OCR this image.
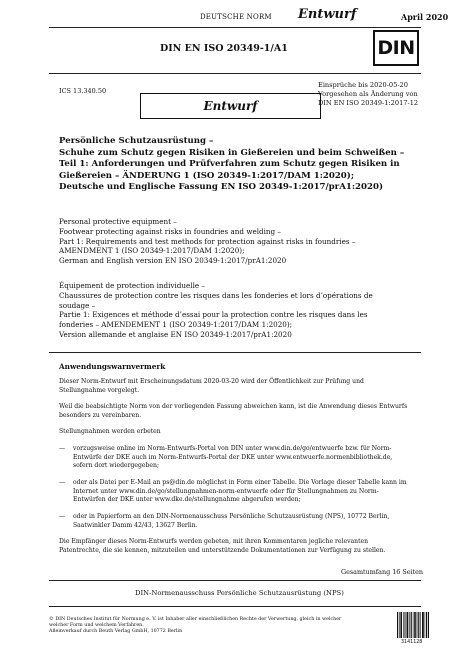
DEUTSCHE NORM Entwurf	April 2020
DIN EN ISO 20349-1/A1	DIN
ICS 13.340.50
Einsprüche bis 2020-05-20
Vorgesehen als Änderung von
DIN EN ISO 20349-1:2017-12
Entwurf
Persönliche Schutzausrüstung –
Schuhe zum Schutz gegen Risiken in Gießereien und beim Schweißen –
Teil 1: Anforderungen und Prüfverfahren zum Schutz gegen Risiken in
Gießereien – ÄNDERUNG 1 (ISO 20349-1:2017/DAM 1:2020);
Deutsche und Englische Fassung EN ISO 20349-1:2017/prA1:2020)
Personal protective equipment –
Footwear protecting against risks in foundries and welding –
Part 1: Requirements and test methods for protection against risks in foundries –
AMENDMENT 1 (ISO 20349-1:2017/DAM 1:2020);
German and English version EN ISO 20349-1:2017/prA1:2020
Équipement de protection individuelle –
Chaussures de protection contre les risques dans les fonderies et lors d’opérations de
soudage –
Partie 1: Exigences et méthode d’essai pour la protection contre les risques dans les
fonderies – AMENDEMENT 1 (ISO 20349-1:2017/DAM 1:2020);
Version allemande et anglaise EN ISO 20349-1:2017/prA1:2020
Anwendungswarnvermerk
Dieser Norm-Entwurf mit Erscheinungsdatum 2020-03-20 wird der Öffentlichkeit zur Prüfung und
Stellungnahme vorgelegt.
Weil die beabsichtigte Norm von der vorliegenden Fassung abweichen kann, ist die Anwendung dieses Entwurfs
besonders zu vereinbaren.
Stellungnahmen werden erbeten
—	vorzugsweise online im Norm-Entwurfs-Portal von DIN unter www.din.de/go/entwuerfe bzw. für Norm-
Entwürfe der DKE auch im Norm-Entwurfs-Portal der DKE unter www.entwuerfe.normenbibliothek.de,
sofern dort wiedergegeben;
—	oder als Datei per E-Mail an ps@din.de möglichst in Form einer Tabelle. Die Vorlage dieser Tabelle kann im
Internet unter www.din.de/go/stellungnahmen-norm-entwuerfe oder für Stellungnahmen zu Norm-
Entwürfen der DKE unter www.dke.de/stellungnahme abgerufen werden;
—	oder in Papierform an den DIN-Normenausschuss Persönliche Schutzausrüstung (NPS), 10772 Berlin,
Saatwinkler Damm 42/43, 13627 Berlin.
Die Empfänger dieses Norm-Entwurfs werden gebeten, mit ihren Kommentaren jegliche relevanten
Patentrechte, die sie kennen, mitzuteilen und unterstützende Dokumentationen zur Verfügung zu stellen.
Gesamtumfang 16 Seiten
DIN-Normenausschuss Persönliche Schutzausrüstung (NPS)
© DIN Deutsches Institut für Normung e. V. ist Inhaber aller einschließlichen Rechte der Verwertung, gleich in welcher
welcher Form und welchem Verfahren.
Alleinverkauf durch Beuth Verlag GmbH, 10772 Berlin
3141128
